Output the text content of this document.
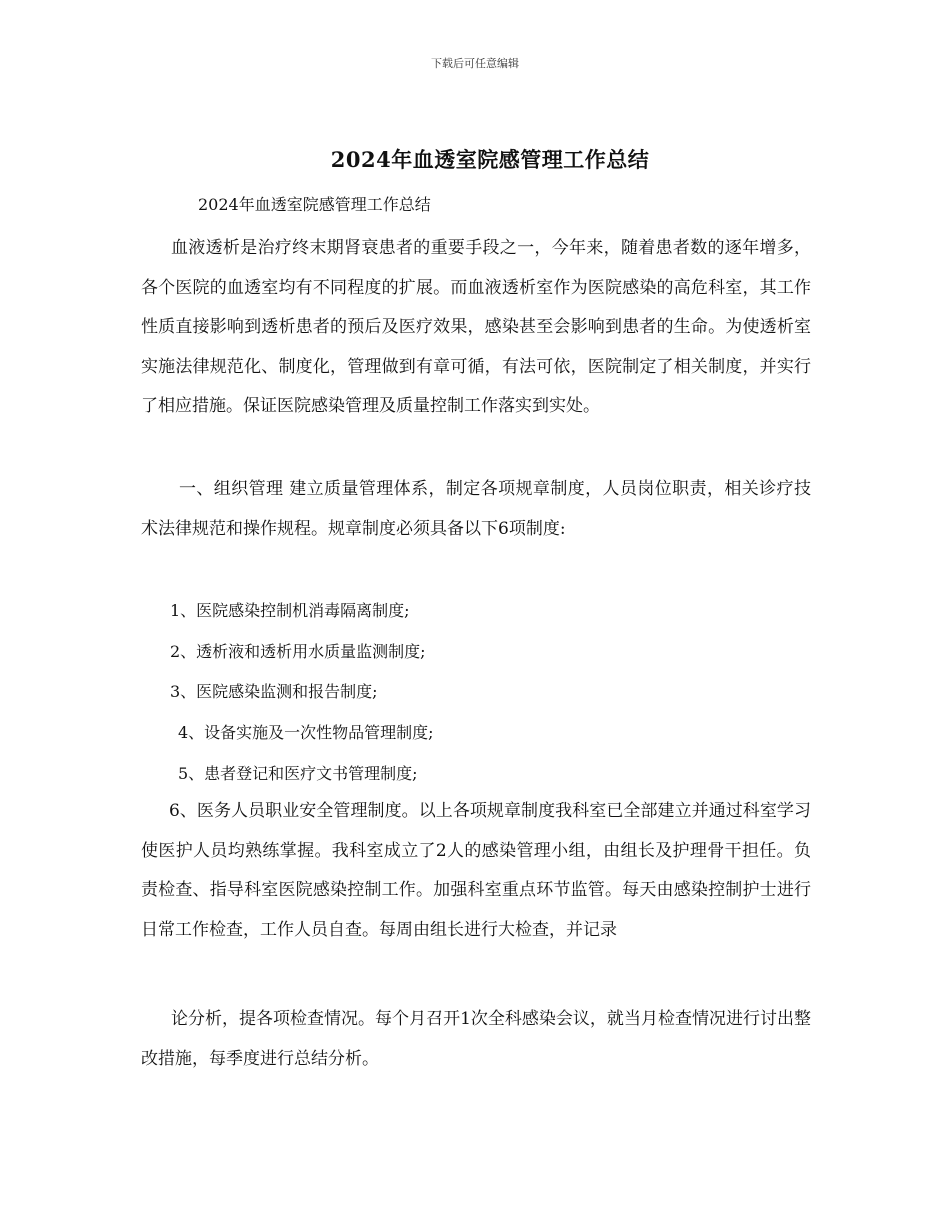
下载后可任意编辑
2024年血透室院感管理工作总结
2024年血透室院感管理工作总结

血液透析是治疗终末期肾衰患者的重要手段之一，今年来，随着患者数的逐年增多，各个医院的血透室均有不同程度的扩展。而血液透析室作为医院感染的高危科室，其工作性质直接影响到透析患者的预后及医疗效果，感染甚至会影响到患者的生命。为使透析室实施法律规范化、制度化，管理做到有章可循，有法可依，医院制定了相关制度，并实行了相应措施。保证医院感染管理及质量控制工作落实到实处。

一、组织管理 建立质量管理体系，制定各项规章制度，人员岗位职责，相关诊疗技术法律规范和操作规程。规章制度必须具备以下6项制度:

1、医院感染控制机消毒隔离制度;
2、透析液和透析用水质量监测制度;
3、医院感染监测和报告制度;
4、设备实施及一次性物品管理制度;
5、患者登记和医疗文书管理制度;

6、医务人员职业安全管理制度。以上各项规章制度我科室已全部建立并通过科室学习使医护人员均熟练掌握。我科室成立了2人的感染管理小组，由组长及护理骨干担任。负责检查、指导科室医院感染控制工作。加强科室重点环节监管。每天由感染控制护士进行日常工作检查，工作人员自查。每周由组长进行大检查，并记录

论分析，提各项检查情况。每个月召开1次全科感染会议，就当月检查情况进行讨出整改措施，每季度进行总结分析。
